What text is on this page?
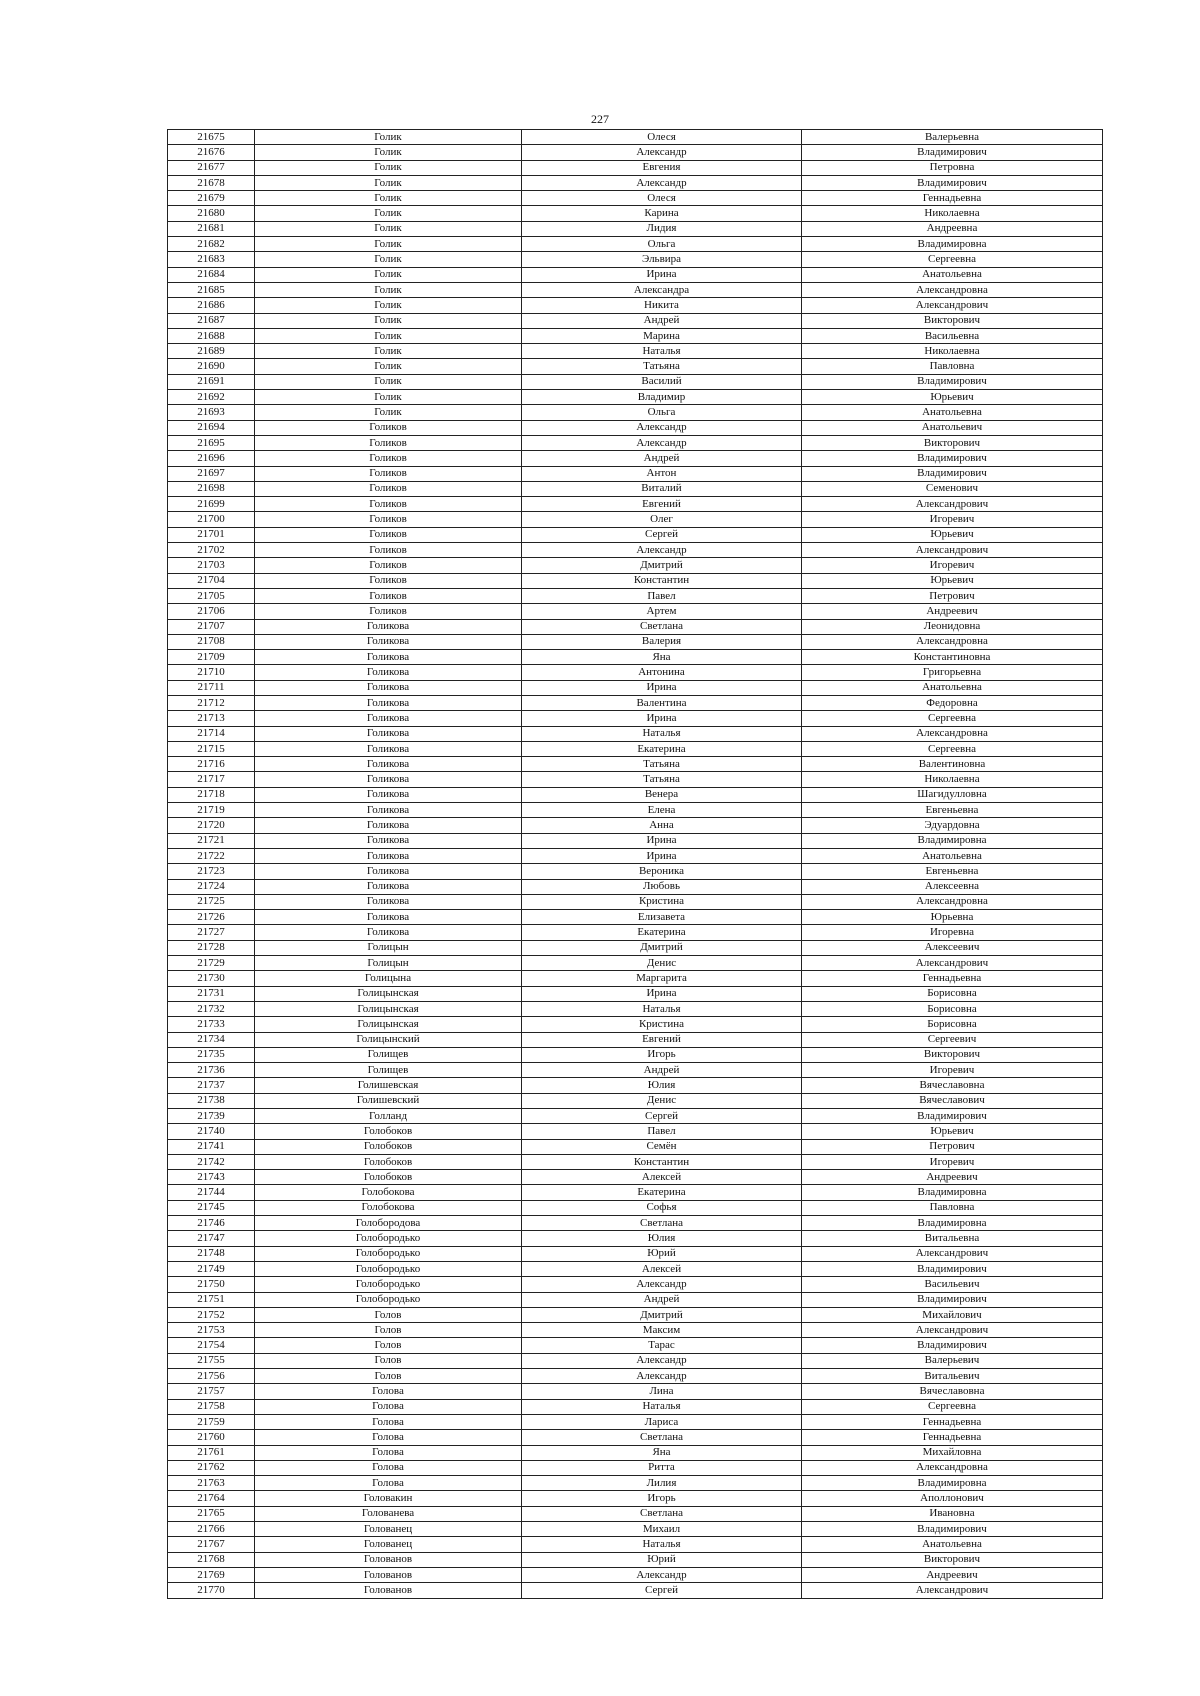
227
21675	Голик	Олеся	Валерьевна
21676	Голик	Александр	Владимирович
21677	Голик	Евгения	Петровна
21678	Голик	Александр	Владимирович
21679	Голик	Олеся	Геннадьевна
21680	Голик	Карина	Николаевна
21681	Голик	Лидия	Андреевна
21682	Голик	Ольга	Владимировна
21683	Голик	Эльвира	Сергеевна
21684	Голик	Ирина	Анатольевна
21685	Голик	Александра	Александровна
21686	Голик	Никита	Александрович
21687	Голик	Андрей	Викторович
21688	Голик	Марина	Васильевна
21689	Голик	Наталья	Николаевна
21690	Голик	Татьяна	Павловна
21691	Голик	Василий	Владимирович
21692	Голик	Владимир	Юрьевич
21693	Голик	Ольга	Анатольевна
21694	Голиков	Александр	Анатольевич
21695	Голиков	Александр	Викторович
21696	Голиков	Андрей	Владимирович
21697	Голиков	Антон	Владимирович
21698	Голиков	Виталий	Семенович
21699	Голиков	Евгений	Александрович
21700	Голиков	Олег	Игоревич
21701	Голиков	Сергей	Юрьевич
21702	Голиков	Александр	Александрович
21703	Голиков	Дмитрий	Игоревич
21704	Голиков	Константин	Юрьевич
21705	Голиков	Павел	Петрович
21706	Голиков	Артем	Андреевич
21707	Голикова	Светлана	Леонидовна
21708	Голикова	Валерия	Александровна
21709	Голикова	Яна	Константиновна
21710	Голикова	Антонина	Григорьевна
21711	Голикова	Ирина	Анатольевна
21712	Голикова	Валентина	Федоровна
21713	Голикова	Ирина	Сергеевна
21714	Голикова	Наталья	Александровна
21715	Голикова	Екатерина	Сергеевна
21716	Голикова	Татьяна	Валентиновна
21717	Голикова	Татьяна	Николаевна
21718	Голикова	Венера	Шагидулловна
21719	Голикова	Елена	Евгеньевна
21720	Голикова	Анна	Эдуардовна
21721	Голикова	Ирина	Владимировна
21722	Голикова	Ирина	Анатольевна
21723	Голикова	Вероника	Евгеньевна
21724	Голикова	Любовь	Алексеевна
21725	Голикова	Кристина	Александровна
21726	Голикова	Елизавета	Юрьевна
21727	Голикова	Екатерина	Игоревна
21728	Голицын	Дмитрий	Алексеевич
21729	Голицын	Денис	Александрович
21730	Голицына	Маргарита	Геннадьевна
21731	Голицынская	Ирина	Борисовна
21732	Голицынская	Наталья	Борисовна
21733	Голицынская	Кристина	Борисовна
21734	Голицынский	Евгений	Сергеевич
21735	Голищев	Игорь	Викторович
21736	Голищев	Андрей	Игоревич
21737	Голишевская	Юлия	Вячеславовна
21738	Голишевский	Денис	Вячеславович
21739	Голланд	Сергей	Владимирович
21740	Голобоков	Павел	Юрьевич
21741	Голобоков	Семён	Петрович
21742	Голобоков	Константин	Игоревич
21743	Голобоков	Алексей	Андреевич
21744	Голобокова	Екатерина	Владимировна
21745	Голобокова	Софья	Павловна
21746	Голобородова	Светлана	Владимировна
21747	Голобородько	Юлия	Витальевна
21748	Голобородько	Юрий	Александрович
21749	Голобородько	Алексей	Владимирович
21750	Голобородько	Александр	Васильевич
21751	Голобородько	Андрей	Владимирович
21752	Голов	Дмитрий	Михайлович
21753	Голов	Максим	Александрович
21754	Голов	Тарас	Владимирович
21755	Голов	Александр	Валерьевич
21756	Голов	Александр	Витальевич
21757	Голова	Лина	Вячеславовна
21758	Голова	Наталья	Сергеевна
21759	Голова	Лариса	Геннадьевна
21760	Голова	Светлана	Геннадьевна
21761	Голова	Яна	Михайловна
21762	Голова	Ритта	Александровна
21763	Голова	Лилия	Владимировна
21764	Головакин	Игорь	Аполлонович
21765	Голованева	Светлана	Ивановна
21766	Голованец	Михаил	Владимирович
21767	Голованец	Наталья	Анатольевна
21768	Голованов	Юрий	Викторович
21769	Голованов	Александр	Андреевич
21770	Голованов	Сергей	Александрович
